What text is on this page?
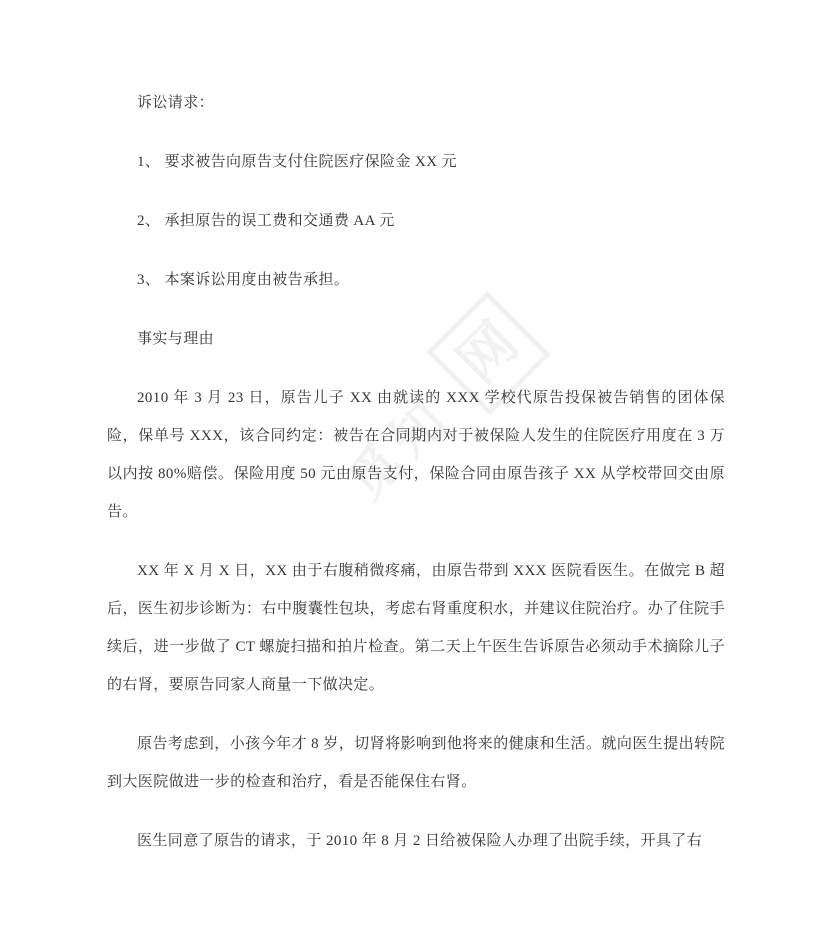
觅知
网

诉讼请求：

1、 要求被告向原告支付住院医疗保险金 XX 元

2、 承担原告的误工费和交通费 AA 元

3、 本案诉讼用度由被告承担。

事实与理由

2010 年 3 月 23 日，原告儿子 XX 由就读的 XXX 学校代原告投保被告销售的团体保险，保单号 XXX，该合同约定：被告在合同期内对于被保险人发生的住院医疗用度在 3 万以内按 80%赔偿。保险用度 50 元由原告支付，保险合同由原告孩子 XX 从学校带回交由原告。

XX 年 X 月 X 日，XX 由于右腹稍微疼痛，由原告带到 XXX 医院看医生。在做完 B 超后，医生初步诊断为：右中腹囊性包块，考虑右肾重度积水，并建议住院治疗。办了住院手续后，进一步做了 CT 螺旋扫描和拍片检查。第二天上午医生告诉原告必须动手术摘除儿子的右肾，要原告同家人商量一下做决定。

原告考虑到，小孩今年才 8 岁，切肾将影响到他将来的健康和生活。就向医生提出转院到大医院做进一步的检查和治疗，看是否能保住右肾。

医生同意了原告的请求，于 2010 年 8 月 2 日给被保险人办理了出院手续，开具了右
